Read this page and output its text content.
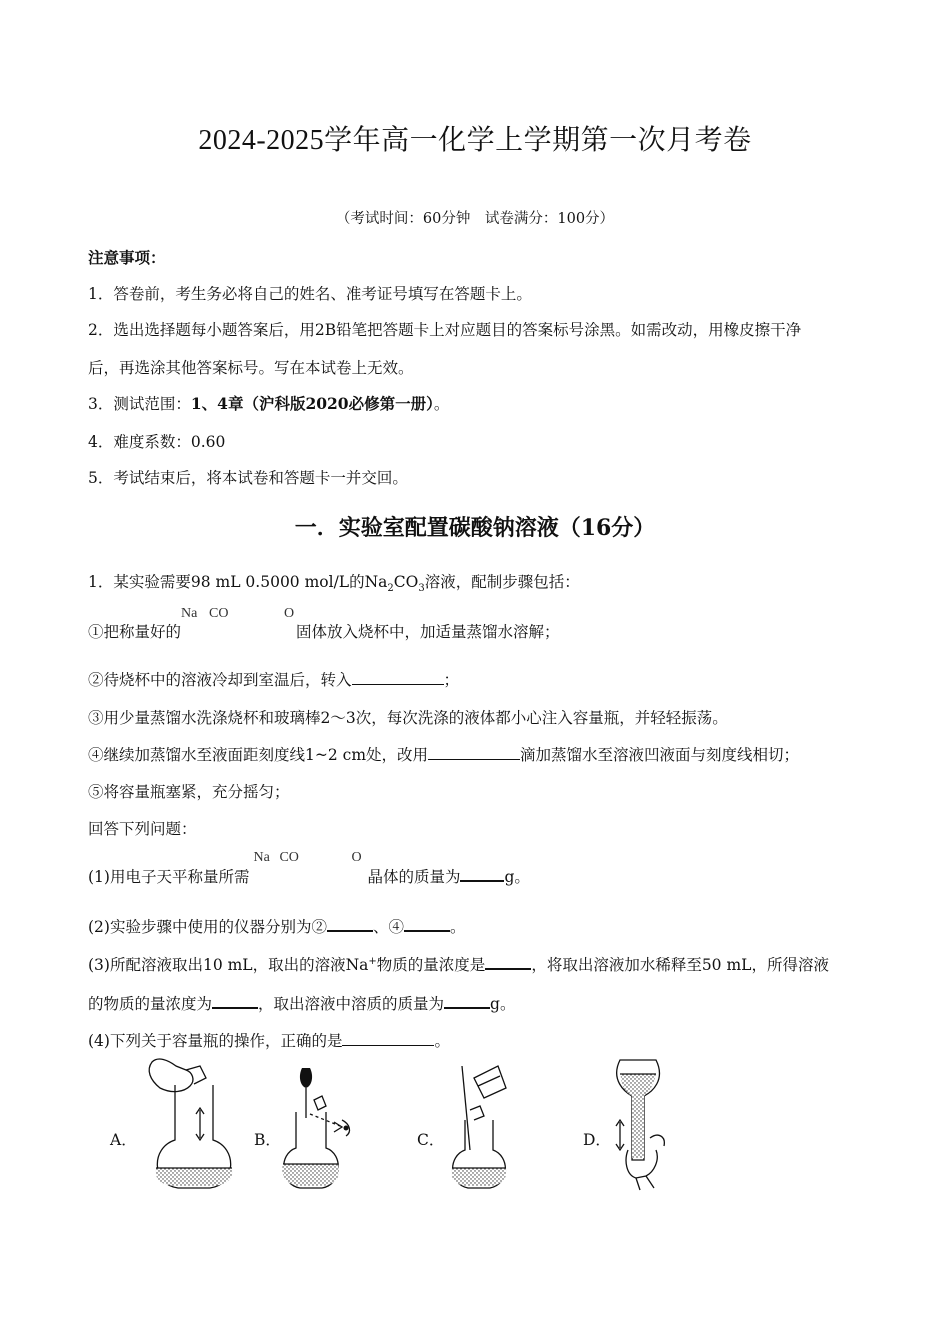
2024-2025学年高一化学上学期第一次月考卷
（考试时间：60分钟　试卷满分：100分）
注意事项：
1．答卷前，考生务必将自己的姓名、准考证号填写在答题卡上。
2．选出选择题每小题答案后，用2B铅笔把答题卡上对应题目的答案标号涂黑。如需改动，用橡皮擦干净
后，再选涂其他答案标号。写在本试卷上无效。
3．测试范围：1、4章（沪科版2020必修第一册）。
4．难度系数：0.60
5．考试结束后，将本试卷和答题卡一并交回。
一．实验室配置碳酸钠溶液（16分）
1．某实验需要98 mL 0.5000 mol/L的$Na_2CO_3$溶液，配制步骤包括：
①把称量好的
Na CO	O
固体放入烧杯中，加适量蒸馏水溶解；
②待烧杯中的溶液冷却到室温后，转入	；
③用少量蒸馏水洗涤烧杯和玻璃棒2～3次，每次洗涤的液体都小心注入容量瓶，并轻轻振荡。
④继续加蒸馏水至液面距刻度线1~2 cm处，改用	滴加蒸馏水至溶液凹液面与刻度线相切；
⑤将容量瓶塞紧，充分摇匀；
回答下列问题：
(1)用电子天平称量所需
Na CO	O
晶体的质量为	g。
(2)实验步骤中使用的仪器分别为②	、④	。
(3)所配溶液取出10 mL，取出的溶液Na+物质的量浓度是	，将取出溶液加水稀释至50 mL，所得溶液
的物质的量浓度为	，取出溶液中溶质的质量为	g。
(4)下列关于容量瓶的操作，正确的是	。
A．	B．	C．	D．
